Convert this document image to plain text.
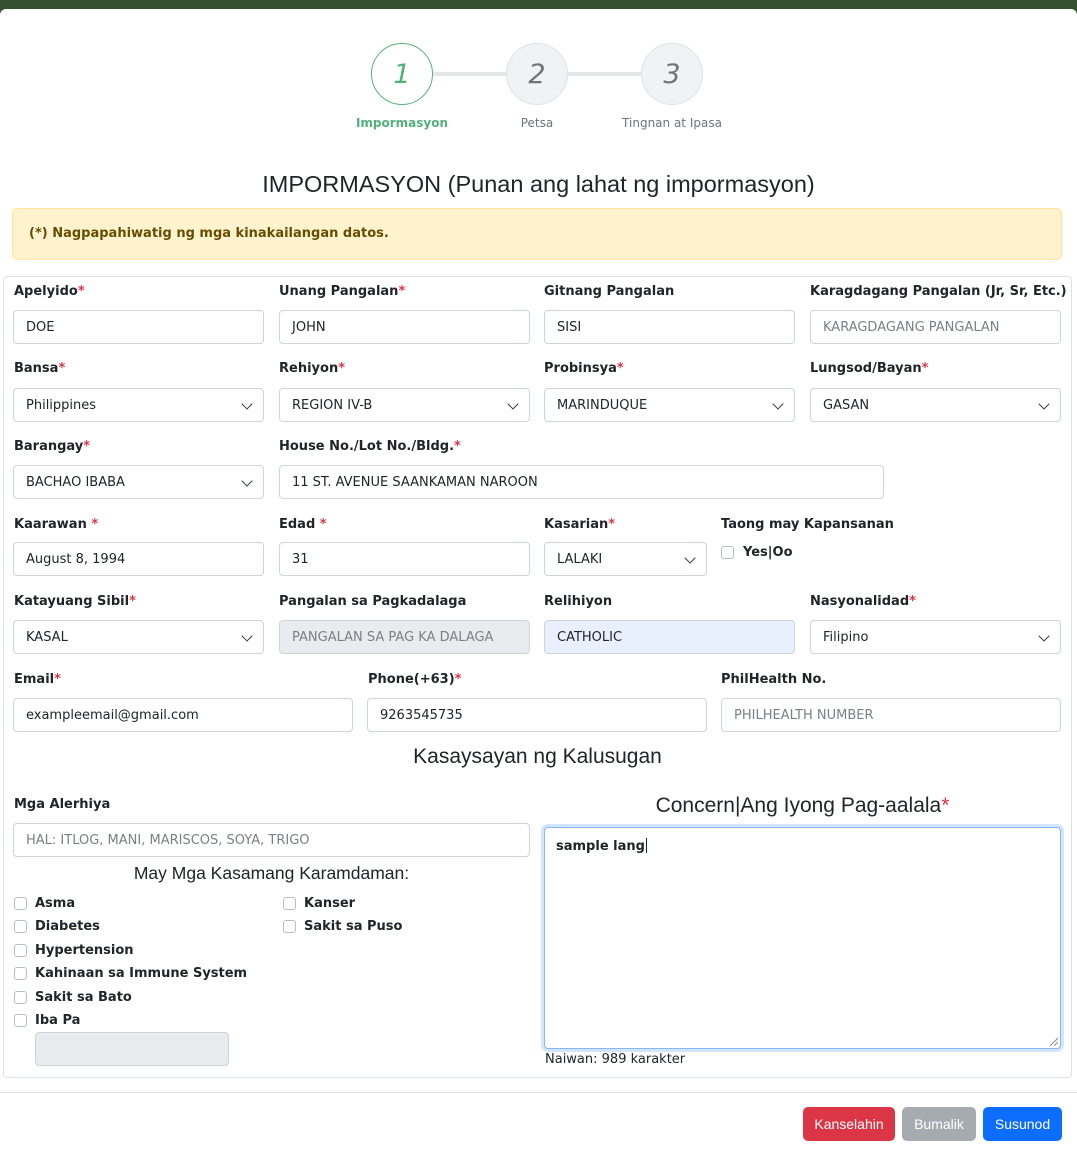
1	2	3
Impormasyon	Petsa	Tingnan at Ipasa
IMPORMASYON (Punan ang lahat ng impormasyon)
(*) Nagpapahiwatig ng mga kinakailangan datos.
Apelyido*
DOE
Unang Pangalan*
JOHN
Gitnang Pangalan
SISI
Karagdagang Pangalan (Jr, Sr, Etc.)
KARAGDAGANG PANGALAN
Bansa*
Philippines
Rehiyon*
REGION IV-B
Probinsya*
MARINDUQUE
Lungsod/Bayan*
GASAN
Barangay*
BACHAO IBABA
House No./Lot No./Bldg.*
11 ST. AVENUE SAANKAMAN NAROON
Kaarawan *
August 8, 1994
Edad *
31
Kasarian*
LALAKI
Taong may Kapansanan
Yes|Oo
Katayuang Sibil*
KASAL
Pangalan sa Pagkadalaga
PANGALAN SA PAG KA DALAGA
Relihiyon
CATHOLIC
Nasyonalidad*
Filipino
Email*
exampleemail@gmail.com
Phone(+63)*
9263545735
PhilHealth No.
PHILHEALTH NUMBER
Kasaysayan ng Kalusugan
Mga Alerhiya
HAL: ITLOG, MANI, MARISCOS, SOYA, TRIGO
May Mga Kasamang Karamdaman:
Asma
Diabetes
Hypertension
Kahinaan sa Immune System
Sakit sa Bato
Iba Pa
Kanser
Sakit sa Puso
Concern|Ang Iyong Pag-aalala*
sample lang
Naiwan: 989 karakter
Kanselahin	Bumalik	Susunod
